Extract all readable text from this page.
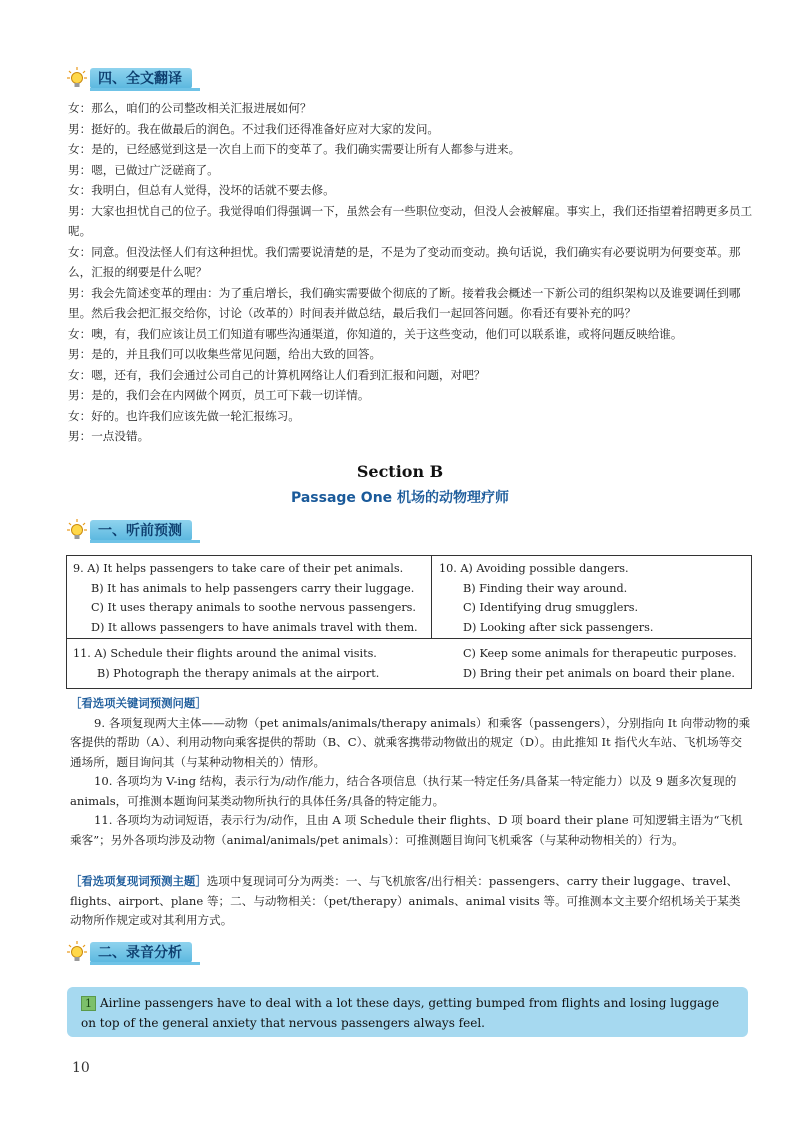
四、全文翻译
女：那么，咱们的公司整改相关汇报进展如何？
男：挺好的。我在做最后的润色。不过我们还得准备好应对大家的发问。
女：是的，已经感觉到这是一次自上而下的变革了。我们确实需要让所有人都参与进来。
男：嗯，已做过广泛磋商了。
女：我明白，但总有人觉得，没坏的话就不要去修。
男：大家也担忧自己的位子。我觉得咱们得强调一下，虽然会有一些职位变动，但没人会被解雇。事实上，我们还指望着招聘更多员工呢。
女：同意。但没法怪人们有这种担忧。我们需要说清楚的是，不是为了变动而变动。换句话说，我们确实有必要说明为何要变革。那么，汇报的纲要是什么呢？
男：我会先简述变革的理由：为了重启增长，我们确实需要做个彻底的了断。接着我会概述一下新公司的组织架构以及谁要调任到哪里。然后我会把汇报交给你，讨论（改革的）时间表并做总结，最后我们一起回答问题。你看还有要补充的吗？
女：噢，有，我们应该让员工们知道有哪些沟通渠道，你知道的，关于这些变动，他们可以联系谁，或将问题反映给谁。
男：是的，并且我们可以收集些常见问题，给出大致的回答。
女：嗯，还有，我们会通过公司自己的计算机网络让人们看到汇报和问题，对吧？
男：是的，我们会在内网做个网页，员工可下载一切详情。
女：好的。也许我们应该先做一轮汇报练习。
男：一点没错。
Section B
Passage One 机场的动物理疗师
一、听前预测
9. A) It helps passengers to take care of their pet animals.
B) It has animals to help passengers carry their luggage.
C) It uses therapy animals to soothe nervous passengers.
D) It allows passengers to have animals travel with them.
10. A) Avoiding possible dangers.
B) Finding their way around.
C) Identifying drug smugglers.
D) Looking after sick passengers.
11. A) Schedule their flights around the animal visits.
B) Photograph the therapy animals at the airport.
C) Keep some animals for therapeutic purposes.
D) Bring their pet animals on board their plane.
［看选项关键词预测问题］
9. 各项复现两大主体——动物（pet animals/animals/therapy animals）和乘客（passengers），分别指向 It 向带动物的乘客提供的帮助（A）、利用动物向乘客提供的帮助（B、C）、就乘客携带动物做出的规定（D）。由此推知 It 指代火车站、飞机场等交通场所，题目询问其（与某种动物相关的）情形。
10. 各项均为 V-ing 结构，表示行为/动作/能力，结合各项信息（执行某一特定任务/具备某一特定能力）以及 9 题多次复现的 animals，可推测本题询问某类动物所执行的具体任务/具备的特定能力。
11. 各项均为动词短语，表示行为/动作，且由 A 项 Schedule their flights、D 项 board their plane 可知逻辑主语为“飞机乘客”；另外各项均涉及动物（animal/animals/pet animals）：可推测题目询问飞机乘客（与某种动物相关的）行为。
［看选项复现词预测主题］选项中复现词可分为两类：一、与飞机旅客/出行相关：passengers、carry their luggage、travel、flights、airport、plane 等；二、与动物相关：（pet/therapy）animals、animal visits 等。可推测本文主要介绍机场关于某类动物所作规定或对其利用方式。
二、录音分析
1 Airline passengers have to deal with a lot these days, getting bumped from flights and losing luggage on top of the general anxiety that nervous passengers always feel.
10
